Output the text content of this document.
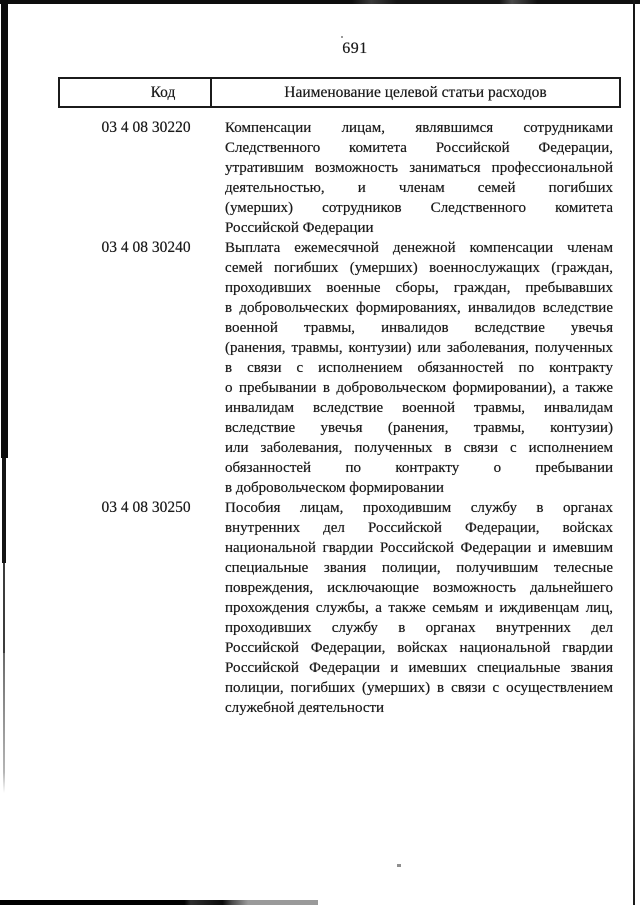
691
Код	Наименование целевой статьи расходов
03 4 08 30220	Компенсации лицам, являвшимся сотрудниками
Следственного комитета Российской Федерации,
утратившим возможность заниматься профессиональной
деятельностью, и членам семей погибших
(умерших) сотрудников Следственного комитета
Российской Федерации
03 4 08 30240	Выплата ежемесячной денежной компенсации членам
семей погибших (умерших) военнослужащих (граждан,
проходивших военные сборы, граждан, пребывавших
в добровольческих формированиях, инвалидов вследствие
военной травмы, инвалидов вследствие увечья
(ранения, травмы, контузии) или заболевания, полученных
в связи с исполнением обязанностей по контракту
о пребывании в добровольческом формировании), а также
инвалидам вследствие военной травмы, инвалидам
вследствие увечья (ранения, травмы, контузии)
или заболевания, полученных в связи с исполнением
обязанностей по контракту о пребывании
в добровольческом формировании
03 4 08 30250	Пособия лицам, проходившим службу в органах
внутренних дел Российской Федерации, войсках
национальной гвардии Российской Федерации и имевшим
специальные звания полиции, получившим телесные
повреждения, исключающие возможность дальнейшего
прохождения службы, а также семьям и иждивенцам лиц,
проходивших службу в органах внутренних дел
Российской Федерации, войсках национальной гвардии
Российской Федерации и имевших специальные звания
полиции, погибших (умерших) в связи с осуществлением
служебной деятельности
